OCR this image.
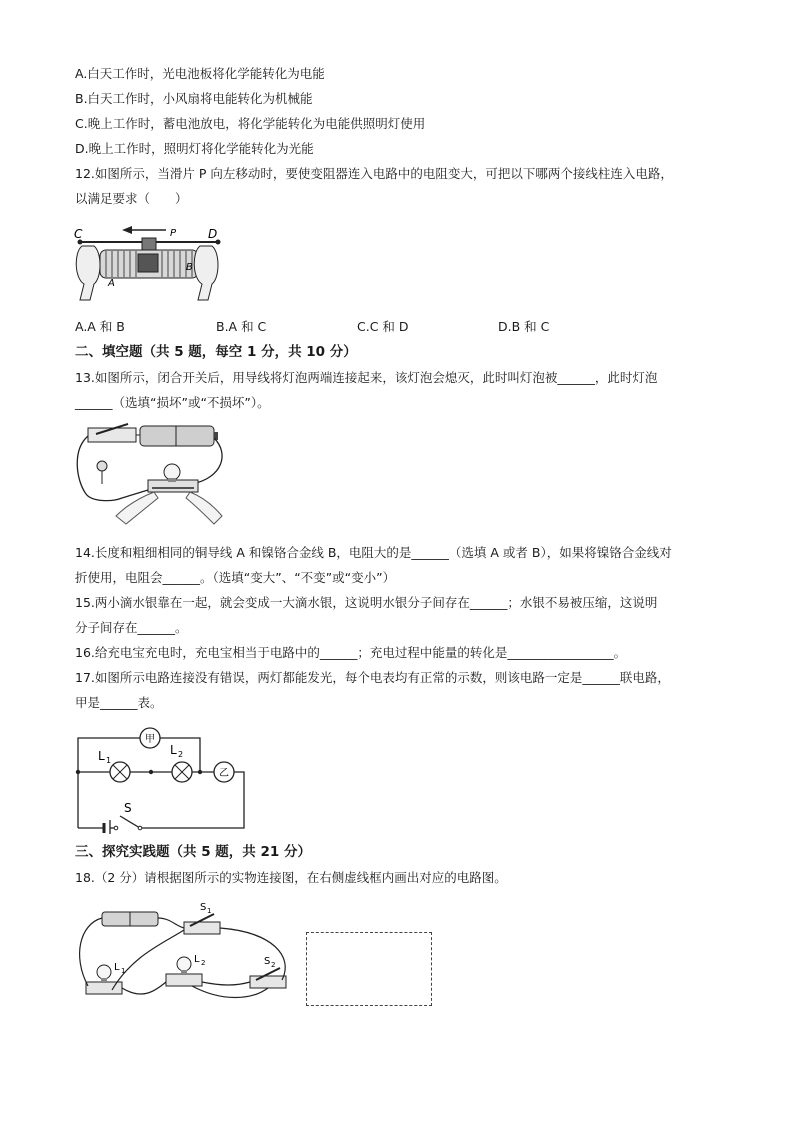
A.白天工作时，光电池板将化学能转化为电能
B.白天工作时，小风扇将电能转化为机械能
C.晚上工作时，蓄电池放电，将化学能转化为电能供照明灯使用
D.晚上工作时，照明灯将化学能转化为光能
12.如图所示，当滑片 P 向左移动时，要使变阻器连入电路中的电阻变大，可把以下哪两个接线柱连入电路，
以满足要求（　　）
C	D
P
A
B
A.A 和 B	B.A 和 C	C.C 和 D	D.B 和 C
二、填空题（共 5 题，每空 1 分，共 10 分）
13.如图所示，闭合开关后，用导线将灯泡两端连接起来，该灯泡会熄灭，此时叫灯泡被______，此时灯泡
______（选填“损坏”或“不损坏”）。
14.长度和粗细相同的铜导线 A 和镍铬合金线 B，电阻大的是______（选填 A 或者 B），如果将镍铬合金线对
折使用，电阻会______。（选填“变大”、“不变”或“变小”）
15.两小滴水银靠在一起，就会变成一大滴水银，这说明水银分子间存在______；水银不易被压缩，这说明
分子间存在______。
16.给充电宝充电时，充电宝相当于电路中的______；充电过程中能量的转化是_________________。
17.如图所示电路连接没有错误，两灯都能发光，每个电表均有正常的示数，则该电路一定是______联电路，
甲是______表。
甲
乙
L 1
L 2
S
三、探究实践题（共 5 题，共 21 分）
18.（2 分）请根据图所示的实物连接图，在右侧虚线框内画出对应的电路图。
S 1
S 2
L 1
L 2
